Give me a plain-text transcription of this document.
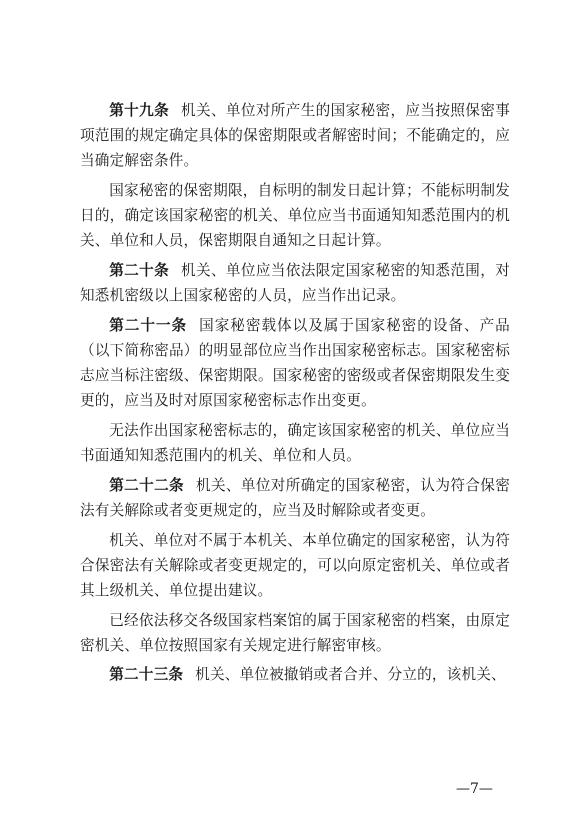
第十九条 机关、单位对所产生的国家秘密，应当按照保密事项范围的规定确定具体的保密期限或者解密时间；不能确定的，应当确定解密条件。

国家秘密的保密期限，自标明的制发日起计算；不能标明制发日的，确定该国家秘密的机关、单位应当书面通知知悉范围内的机关、单位和人员，保密期限自通知之日起计算。

第二十条 机关、单位应当依法限定国家秘密的知悉范围，对知悉机密级以上国家秘密的人员，应当作出记录。

第二十一条 国家秘密载体以及属于国家秘密的设备、产品（以下简称密品）的明显部位应当作出国家秘密标志。国家秘密标志应当标注密级、保密期限。国家秘密的密级或者保密期限发生变更的，应当及时对原国家秘密标志作出变更。

无法作出国家秘密标志的，确定该国家秘密的机关、单位应当书面通知知悉范围内的机关、单位和人员。

第二十二条 机关、单位对所确定的国家秘密，认为符合保密法有关解除或者变更规定的，应当及时解除或者变更。

机关、单位对不属于本机关、本单位确定的国家秘密，认为符合保密法有关解除或者变更规定的，可以向原定密机关、单位或者其上级机关、单位提出建议。

已经依法移交各级国家档案馆的属于国家秘密的档案，由原定密机关、单位按照国家有关规定进行解密审核。

第二十三条 机关、单位被撤销或者合并、分立的，该机关、

—7—
